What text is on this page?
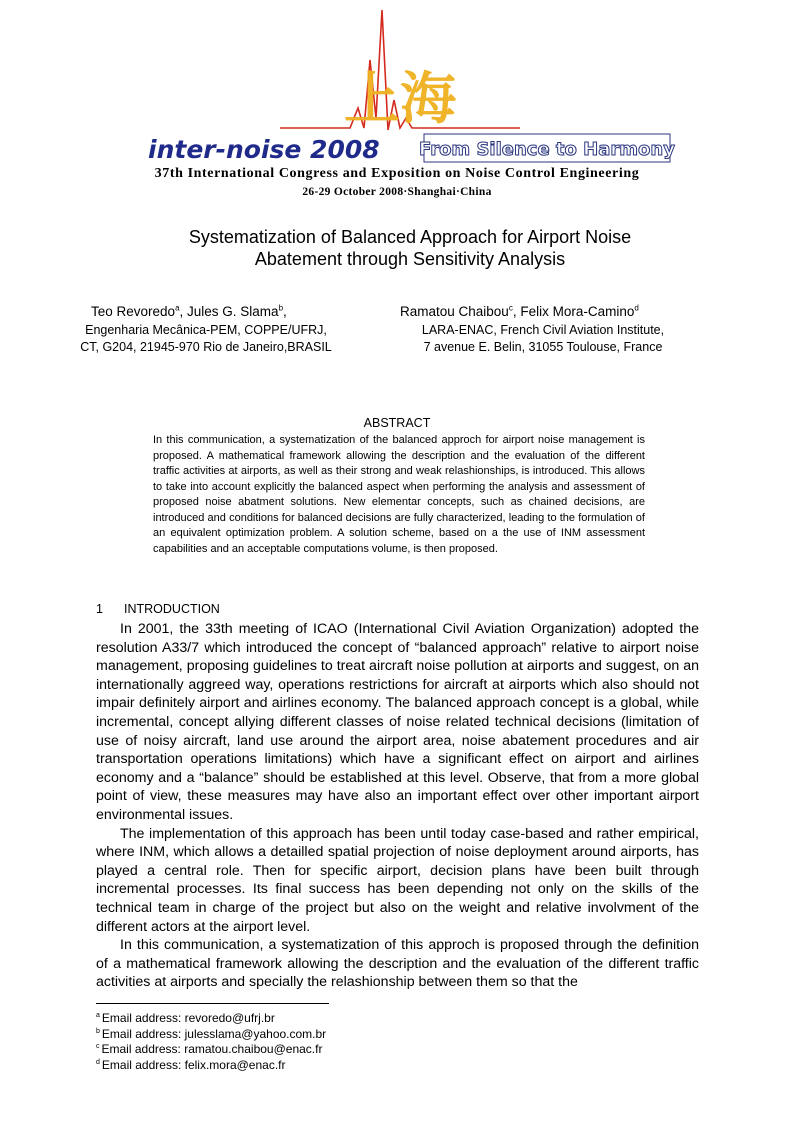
上海
inter-noise 2008 From Silence to Harmony
37th International Congress and Exposition on Noise Control Engineering
26-29 October 2008·Shanghai·China
Systematization of Balanced Approach for Airport Noise
Abatement through Sensitivity Analysis
Teo Revoredo$^a$, Jules G. Slama$^b$,
Engenharia Mecânica-PEM, COPPE/UFRJ,
CT, G204, 21945-970 Rio de Janeiro,BRASIL
Ramatou Chaibou$^c$, Felix Mora-Camino$^d$
LARA-ENAC, French Civil Aviation Institute,
7 avenue E. Belin, 31055 Toulouse, France
ABSTRACT
In this communication, a systematization of the balanced approch for airport noise management is proposed. A mathematical framework allowing the description and the evaluation of the different traffic activities at airports, as well as their strong and weak relashionships, is introduced. This allows to take into account explicitly the balanced aspect when performing the analysis and assessment of proposed noise abatment solutions. New elementar concepts, such as chained decisions, are introduced and conditions for balanced decisions are fully characterized, leading to the formulation of an equivalent optimization problem. A solution scheme, based on a the use of INM assessment capabilities and an acceptable computations volume, is then proposed.
1 INTRODUCTION

In 2001, the 33th meeting of ICAO (International Civil Aviation Organization) adopted the resolution A33/7 which introduced the concept of “balanced approach” relative to airport noise management, proposing guidelines to treat aircraft noise pollution at airports and suggest, on an internationally aggreed way, operations restrictions for aircraft at airports which also should not impair definitely airport and airlines economy. The balanced approach concept is a global, while incremental, concept allying different classes of noise related technical decisions (limitation of use of noisy aircraft, land use around the airport area, noise abatement procedures and air transportation operations limitations) which have a significant effect on airport and airlines economy and a “balance” should be established at this level. Observe, that from a more global point of view, these measures may have also an important effect over other important airport environmental issues.

The implementation of this approach has been until today case-based and rather empirical, where INM, which allows a detailled spatial projection of noise deployment around airports, has played a central role. Then for specific airport, decision plans have been built through incremental processes. Its final success has been depending not only on the skills of the technical team in charge of the project but also on the weight and relative involvment of the different actors at the airport level.

In this communication, a systematization of this approch is proposed through the definition of a mathematical framework allowing the description and the evaluation of the different traffic activities at airports and specially the relashionship between them so that the

$^a$ Email address: revoredo@ufrj.br
$^b$ Email address: julesslama@yahoo.com.br
$^c$ Email address: ramatou.chaibou@enac.fr
$^d$ Email address: felix.mora@enac.fr
